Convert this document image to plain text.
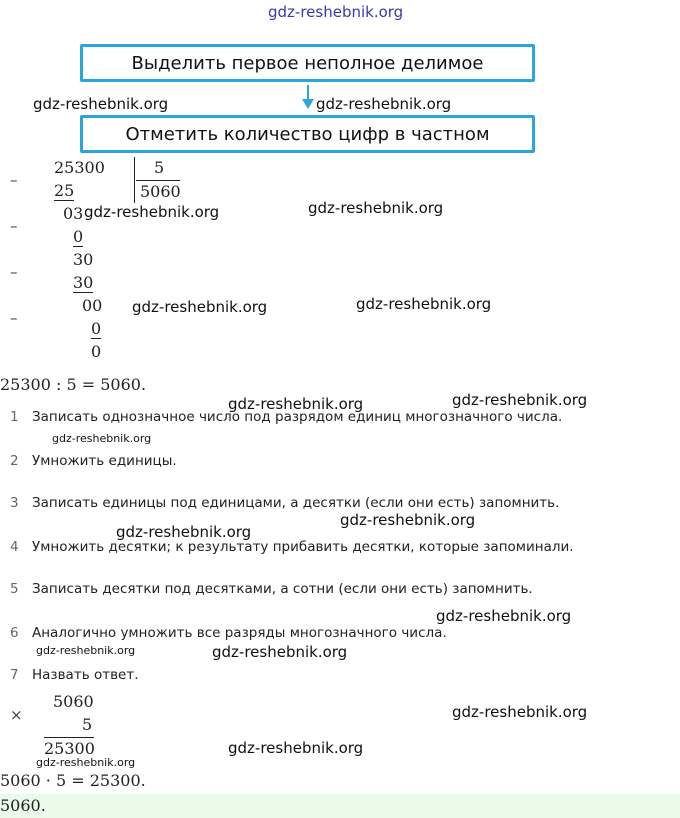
gdz-reshebnik.org
gdz-reshebnik.org	gdz-reshebnik.org
gdz-reshebnik.org	gdz-reshebnik.org
gdz-reshebnik.org	gdz-reshebnik.org
gdz-reshebnik.org	gdz-reshebnik.org
gdz-reshebnik.org
gdz-reshebnik.org
gdz-reshebnik.org
gdz-reshebnik.org
gdz-reshebnik.org	gdz-reshebnik.org
gdz-reshebnik.org
gdz-reshebnik.org
gdz-reshebnik.org
Выделить первое неполное делимое
Отметить количество цифр в частном
–
–
–
–
25300	5
5060
25
03
0
30
30
00
0
0
25300 : 5 = 5060.
1 Записать однозначное число под разрядом единиц многозначного числа.
2 Умножить единицы.
3 Записать единицы под единицами, а десятки (если они есть) запомнить.
4 Умножить десятки; к результату прибавить десятки, которые запоминали.
5 Записать десятки под десятками, а сотни (если они есть) запомнить.
6 Аналогично умножить все разряды многозначного числа.
7 Назвать ответ.
×
5060
5
25300
5060 · 5 = 25300.
5060.
